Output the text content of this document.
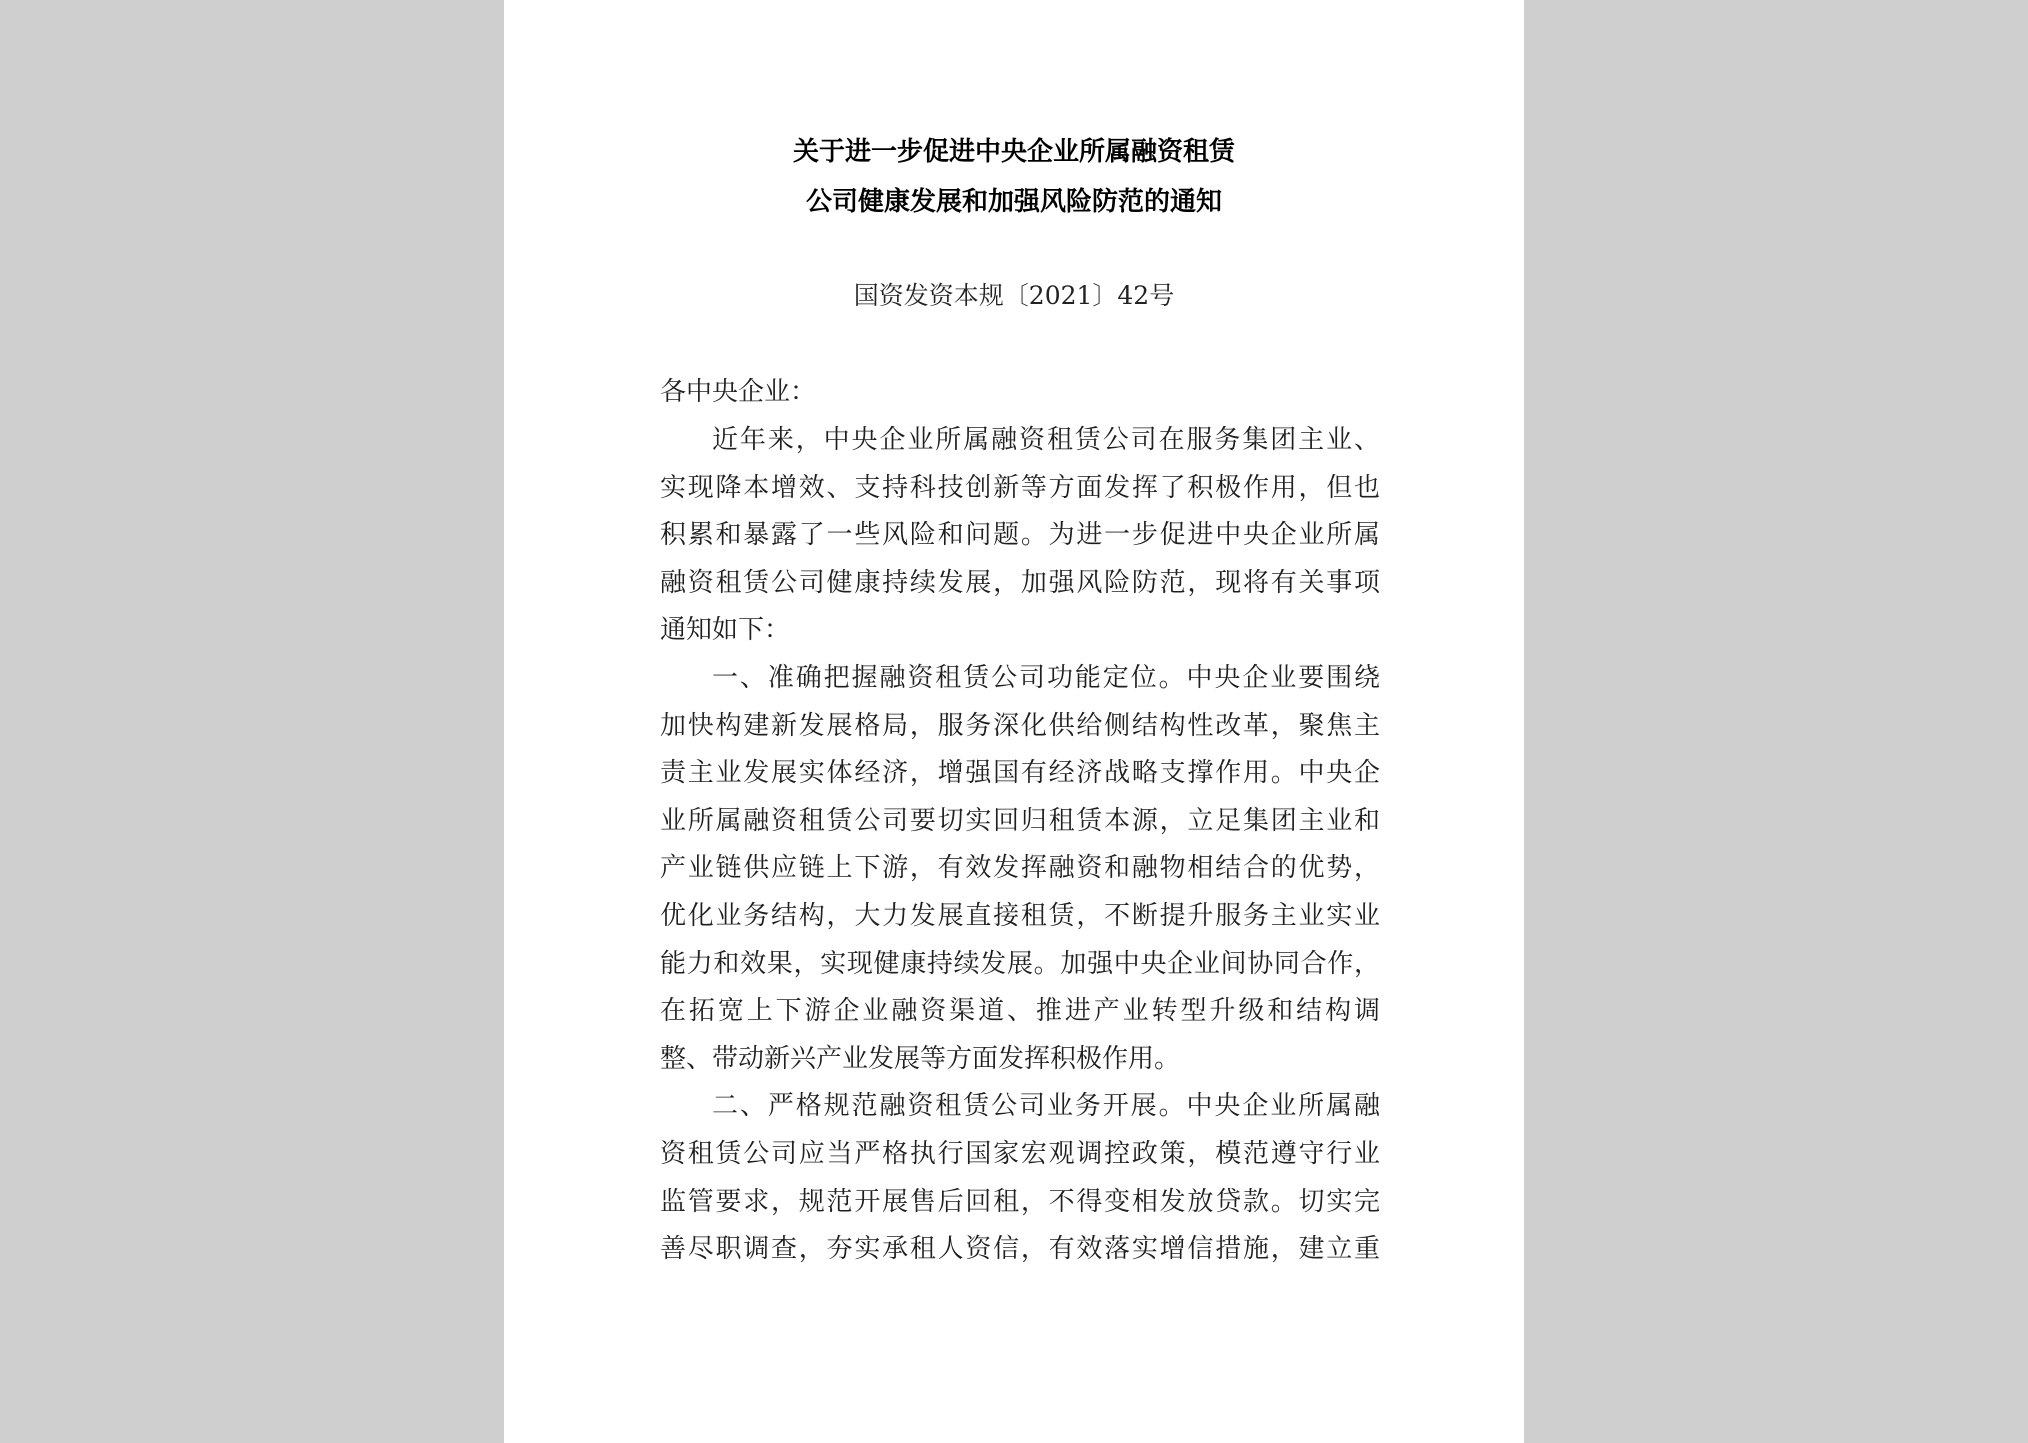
关于进一步促进中央企业所属融资租赁
公司健康发展和加强风险防范的通知
国资发资本规〔2021〕42号
各中央企业：
近年来，中央企业所属融资租赁公司在服务集团主业、
实现降本增效、支持科技创新等方面发挥了积极作用，但也
积累和暴露了一些风险和问题。为进一步促进中央企业所属
融资租赁公司健康持续发展，加强风险防范，现将有关事项
通知如下：
一、准确把握融资租赁公司功能定位。中央企业要围绕
加快构建新发展格局，服务深化供给侧结构性改革，聚焦主
责主业发展实体经济，增强国有经济战略支撑作用。中央企
业所属融资租赁公司要切实回归租赁本源，立足集团主业和
产业链供应链上下游，有效发挥融资和融物相结合的优势，
优化业务结构，大力发展直接租赁，不断提升服务主业实业
能力和效果，实现健康持续发展。加强中央企业间协同合作，
在拓宽上下游企业融资渠道、推进产业转型升级和结构调
整、带动新兴产业发展等方面发挥积极作用。
二、严格规范融资租赁公司业务开展。中央企业所属融
资租赁公司应当严格执行国家宏观调控政策，模范遵守行业
监管要求，规范开展售后回租，不得变相发放贷款。切实完
善尽职调查，夯实承租人资信，有效落实增信措施，建立重
